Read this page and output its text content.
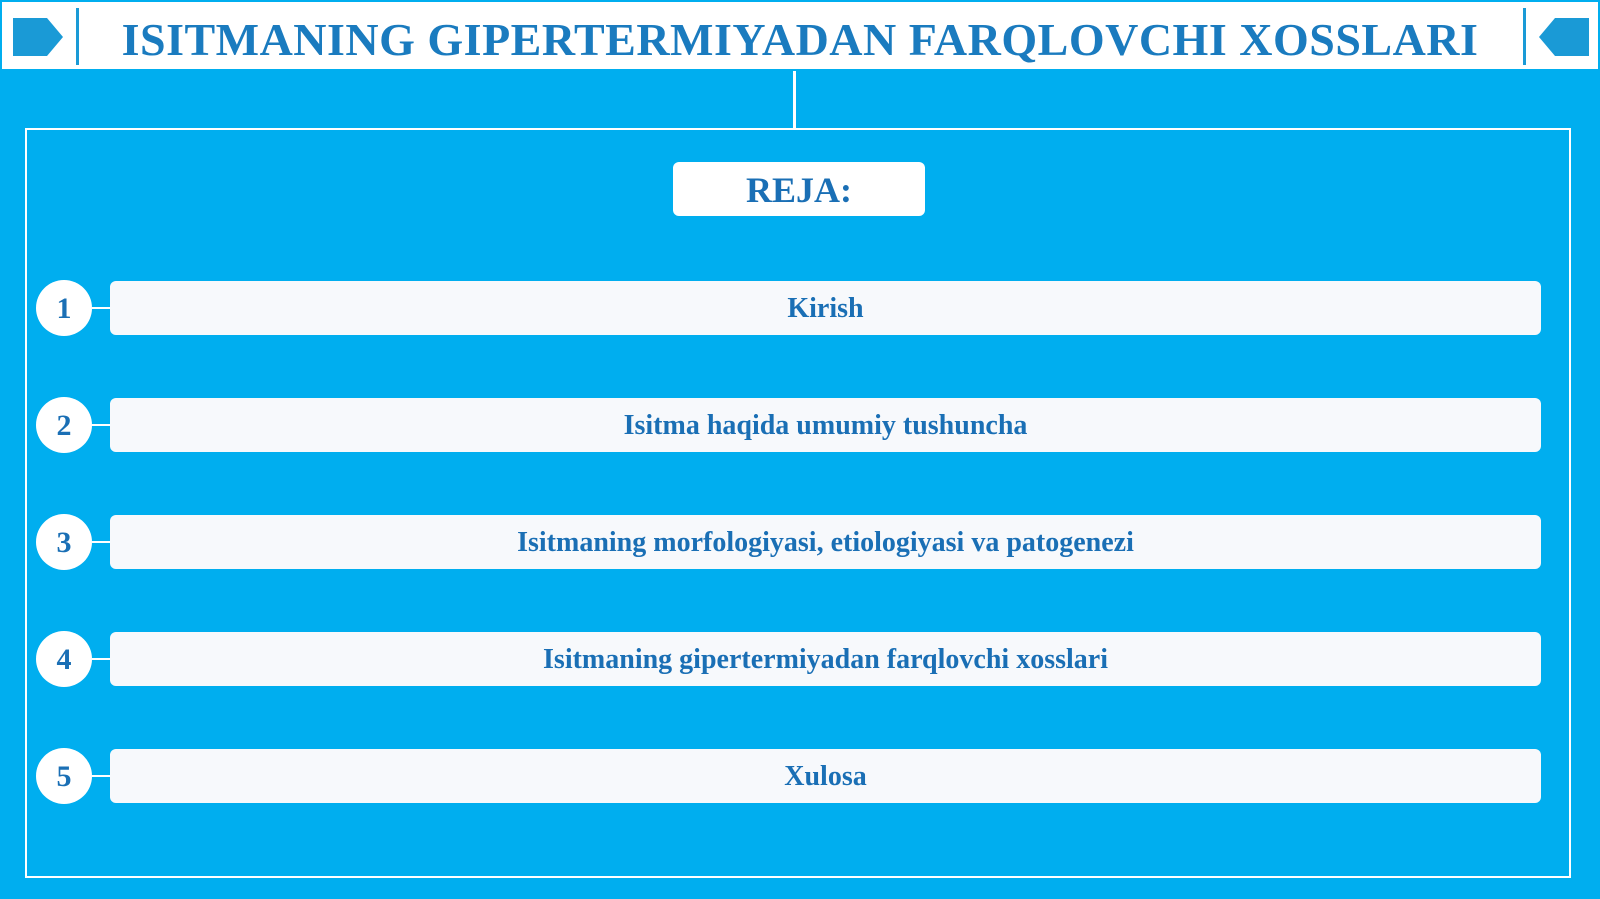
ISITMANING GIPERTERMIYADAN FARQLOVCHI XOSSLARI
REJA:
1	Kirish
2	Isitma haqida umumiy tushuncha
3	Isitmaning morfologiyasi, etiologiyasi va patogenezi
4	Isitmaning gipertermiyadan farqlovchi xosslari
5	Xulosa
